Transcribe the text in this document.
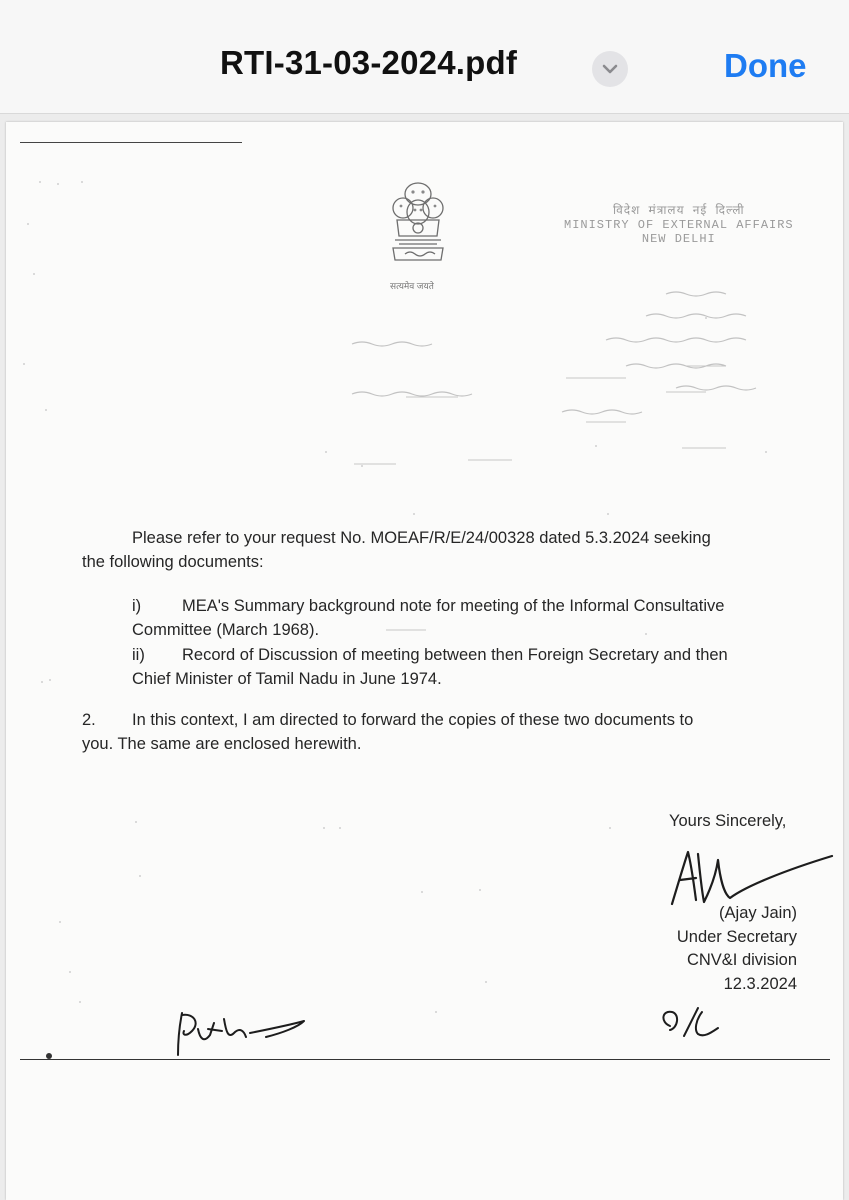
RTI-31-03-2024.pdf	Done
सत्यमेव जयते
विदेश मंत्रालय नई दिल्ली
MINISTRY OF EXTERNAL AFFAIRS
NEW DELHI
Please refer to your request No. MOEAF/R/E/24/00328 dated 5.3.2024 seeking
the following documents:
i) MEA's Summary background note for meeting of the Informal Consultative
Committee (March 1968).
ii) Record of Discussion of meeting between then Foreign Secretary and then
Chief Minister of Tamil Nadu in June 1974.
2. In this context, I am directed to forward the copies of these two documents to
you. The same are enclosed herewith.
Yours Sincerely,
(Ajay Jain)
Under Secretary
CNV&I division
12.3.2024
